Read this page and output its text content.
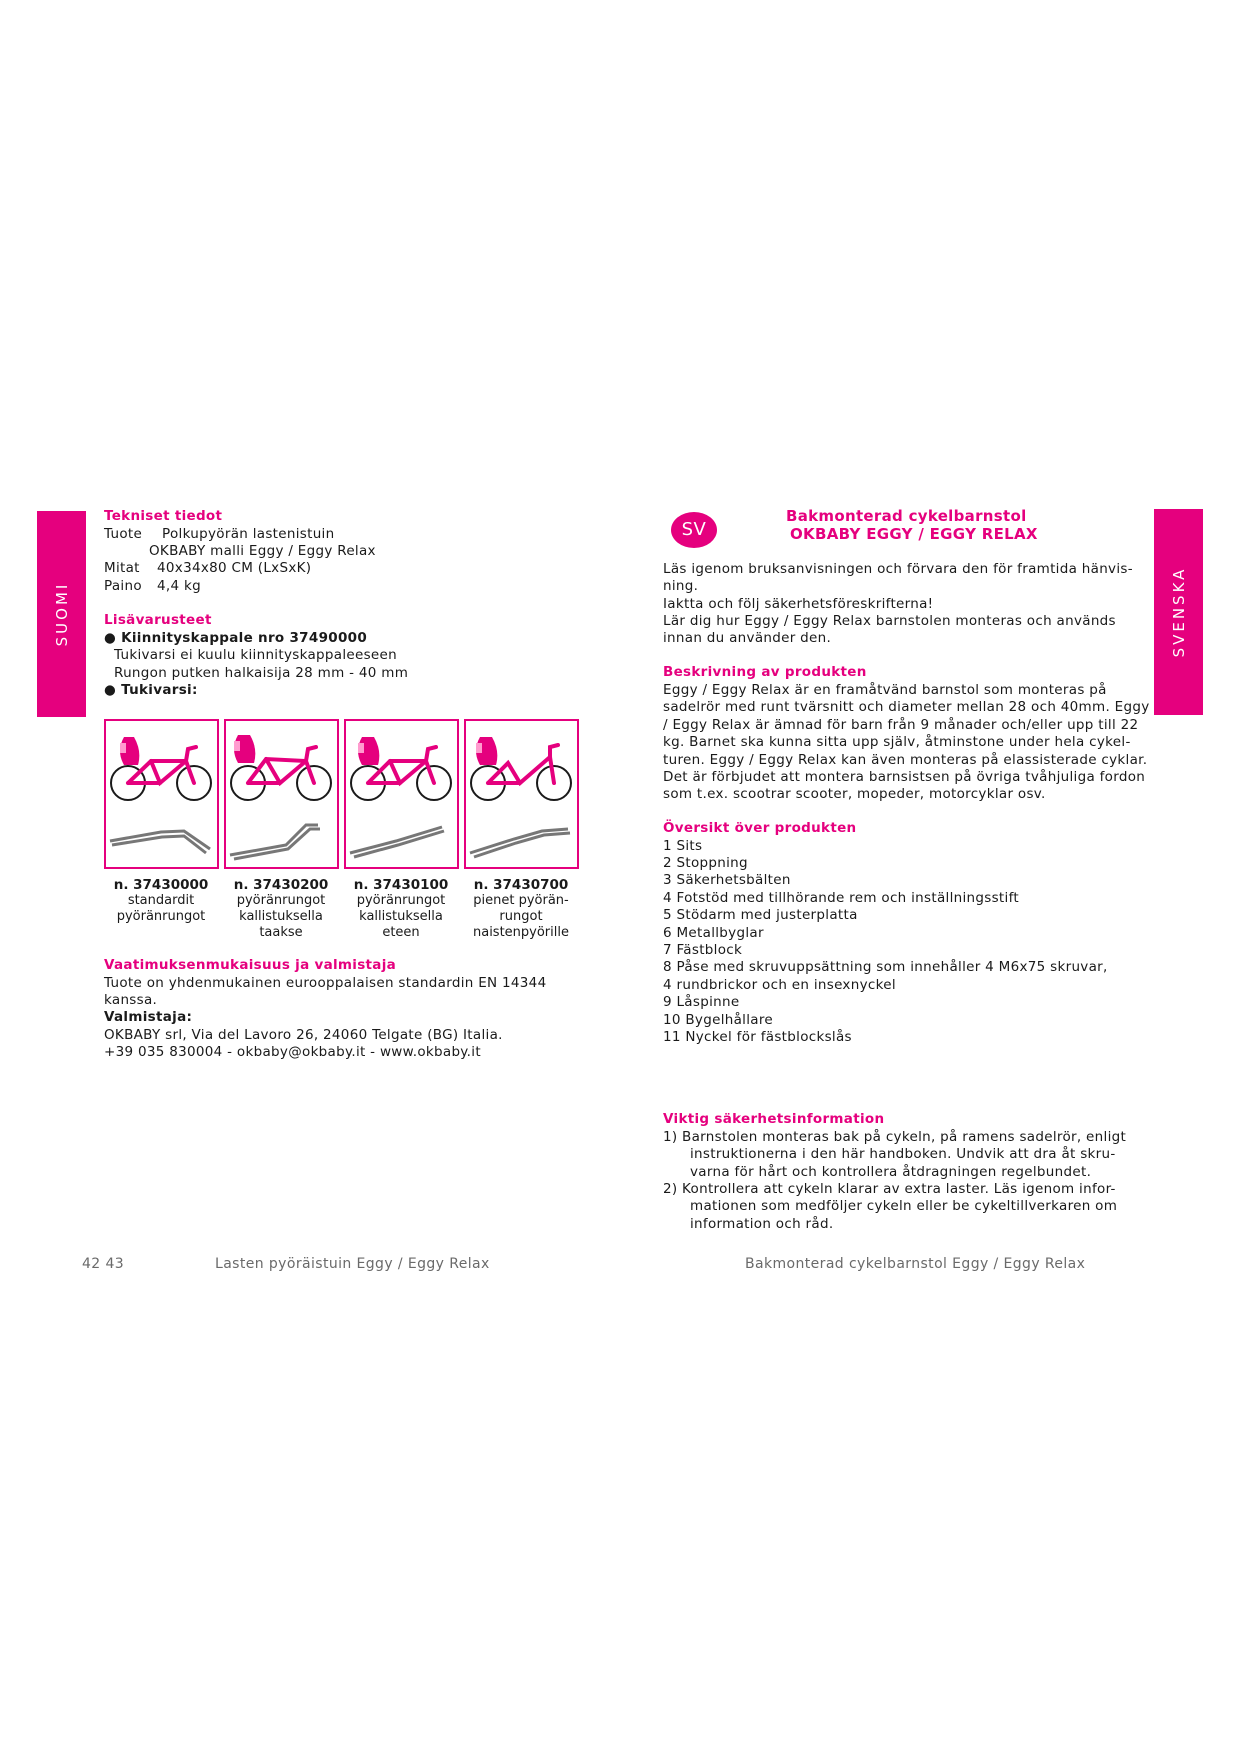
SUOMI
Tekniset tiedot
Tuote Polkupyörän lastenistuin
OKBABY malli Eggy / Eggy Relax
Mitat 40x34x80 CM (LxSxK)
Paino 4,4 kg
Lisävarusteet
● Kiinnityskappale nro 37490000
Tukivarsi ei kuulu kiinnityskappaleeseen
Rungon putken halkaisija 28 mm - 40 mm
● Tukivarsi:
n. 37430000
standardit
pyöränrungot
n. 37430200
pyöränrungot
kallistuksella
taakse
n. 37430100
pyöränrungot
kallistuksella
eteen
n. 37430700
pienet pyörän-
rungot
naistenpyörille
Vaatimuksenmukaisuus ja valmistaja
Tuote on yhdenmukainen eurooppalaisen standardin EN 14344
kanssa.
Valmistaja:
OKBABY srl, Via del Lavoro 26, 24060 Telgate (BG) Italia.
+39 035 830004 - okbaby@okbaby.it - www.okbaby.it
42 43	Lasten pyöräistuin Eggy / Eggy Relax
SV
Bakmonterad cykelbarnstol
OKBABY EGGY / EGGY RELAX
SVENSKA
Läs igenom bruksanvisningen och förvara den för framtida hänvis-
ning.
Iaktta och följ säkerhetsföreskrifterna!
Lär dig hur Eggy / Eggy Relax barnstolen monteras och används
innan du använder den.
Beskrivning av produkten
Eggy / Eggy Relax är en framåtvänd barnstol som monteras på
sadelrör med runt tvärsnitt och diameter mellan 28 och 40mm. Eggy
/ Eggy Relax är ämnad för barn från 9 månader och/eller upp till 22
kg. Barnet ska kunna sitta upp själv, åtminstone under hela cykel-
turen. Eggy / Eggy Relax kan även monteras på elassisterade cyklar.
Det är förbjudet att montera barnsistsen på övriga tvåhjuliga fordon
som t.ex. scootrar scooter, mopeder, motorcyklar osv.
Översikt över produkten
1 Sits
2 Stoppning
3 Säkerhetsbälten
4 Fotstöd med tillhörande rem och inställningsstift
5 Stödarm med justerplatta
6 Metallbyglar
7 Fästblock
8 Påse med skruvuppsättning som innehåller 4 M6x75 skruvar,
4 rundbrickor och en insexnyckel
9 Låspinne
10 Bygelhållare
11 Nyckel för fästblockslås
Viktig säkerhetsinformation
1) Barnstolen monteras bak på cykeln, på ramens sadelrör, enligt
instruktionerna i den här handboken. Undvik att dra åt skru-
varna för hårt och kontrollera åtdragningen regelbundet.
2) Kontrollera att cykeln klarar av extra laster. Läs igenom infor-
mationen som medföljer cykeln eller be cykeltillverkaren om
information och råd.
Bakmonterad cykelbarnstol Eggy / Eggy Relax
